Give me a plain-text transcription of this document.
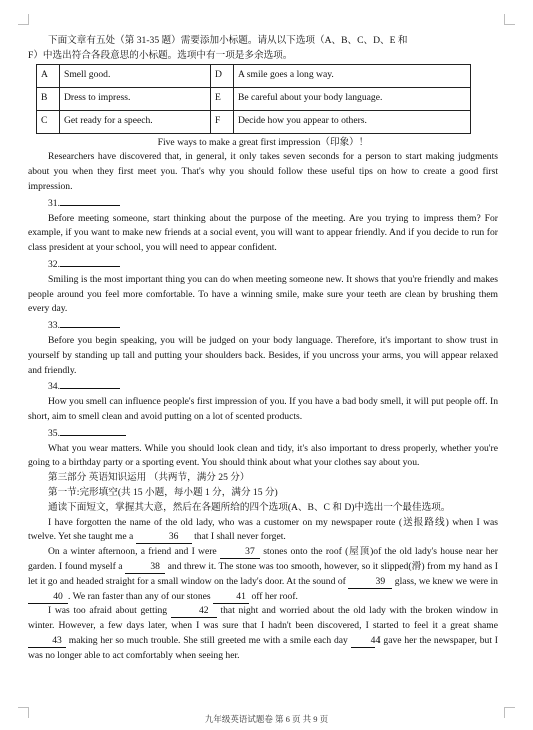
下面文章有五处（第 31-35 题）需要添加小标题。请从以下选项（A、B、C、D、E 和

F）中选出符合各段意思的小标题。选项中有一项是多余选项。

A	Smell good.	D	A smile goes a long way.
B	Dress to impress.	E	Be careful about your body language.
C	Get ready for a speech.	F	Decide how you appear to others.

Five ways to make a great first impression（印象）！

Researchers have discovered that, in general, it only takes seven seconds for a person to start making judgments about you when they first meet you. That's why you should follow these useful tips on how to create a good first impression.

31.

Before meeting someone, start thinking about the purpose of the meeting. Are you trying to impress them? For example, if you want to make new friends at a social event, you will want to appear friendly. And if you decide to run for class president at your school, you will need to appear confident.

32.

Smiling is the most important thing you can do when meeting someone new. It shows that you're friendly and makes people around you feel more comfortable. To have a winning smile, make sure your teeth are clean by brushing them every day.

33.

Before you begin speaking, you will be judged on your body language. Therefore, it's important to show trust in yourself by standing up tall and putting your shoulders back. Besides, if you uncross your arms, you will appear relaxed and friendly.

34.

How you smell can influence people's first impression of you. If you have a bad body smell, it will put people off. In short, aim to smell clean and avoid putting on a lot of scented products.

35.

What you wear matters. While you should look clean and tidy, it's also important to dress properly, whether you're going to a birthday party or a sporting event. You should think about what your clothes say about you.

第三部分 英语知识运用 （共两节，满分 25 分）

第一节:完形填空(共 15 小题，每小题 1 分，满分 15 分)

通读下面短文，掌握其大意，然后在各题所给的四个选项(A、B、C 和 D)中选出一个最佳选项。

I have forgotten the name of the old lady, who was a customer on my newspaper route (送报路线) when I was twelve. Yet she taught me a	36 that I shall never forget.

On a winter afternoon, a friend and I were	37 stones onto the roof (屋顶)of the old lady's house near her garden. I found myself a	38 and threw it. The stone was too smooth, however, so it slipped(滑) from my hand as I let it go and headed straight for a small window on the lady's door. At the sound of	39 glass, we knew we were in 40 . We ran faster than any of our stones	41 off her roof.

I was too afraid about getting	42 that night and worried about the old lady with the broken window in winter. However, a few days later, when I was sure that I hadn't been discovered, I started to feel it a great shame 43 making her so much trouble. She still greeted me with a smile each day 44 I gave her the newspaper, but I was no longer able to act comfortably when seeing her.

九年级英语试题卷 第 6 页 共 9 页
